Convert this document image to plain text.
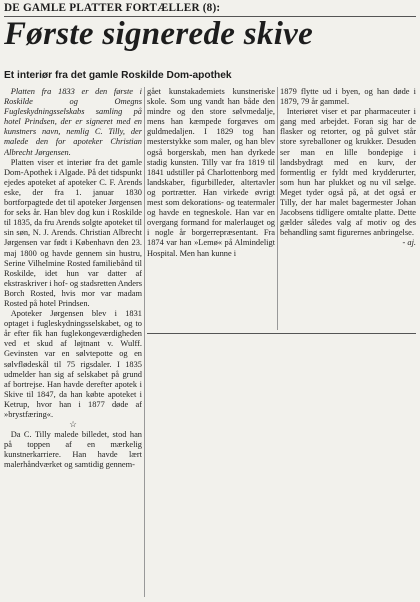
DE GAMLE PLATTER FORTÆLLER (8):
Første signerede skive
Et interiør fra det gamle Roskilde Dom-apothek

Platten fra 1833 er den første i Roskilde og Omegns Fugleskydningsselskabs samling på hotel Prindsen, der er signeret med en kunstners navn, nemlig C. Tilly, der malede den for apoteker Christian Albrecht Jørgensen.

Platten viser et interiør fra det gamle Dom-Apothek i Algade. På det tidspunkt ejedes apoteket af apoteker C. F. Arends eske, der fra 1. januar 1830 bortforpagtede det til apoteker Jørgensen for seks år. Han blev dog kun i Roskilde til 1835, da fru Arends solgte apoteket til sin søn, N. J. Arends. Christian Albrecht Jørgensen var født i København den 23. maj 1800 og havde gennem sin hustru, Serine Vilhelmine Rosted familiebånd til Roskilde, idet hun var datter af ekstraskriver i hof- og stadsretten Anders Borch Rosted, hvis mor var madam Rosted på hotel Prindsen.

Apoteker Jørgensen blev i 1831 optaget i fugleskydningsselskabet, og to år efter fik han fuglekongeværdigheden ved et skud af løjtnant v. Wulff. Gevinsten var en sølvtepotte og en sølvflødeskål til 75 rigsdaler. I 1835 udmelder han sig af selskabet på grund af bortrejse. Han havde derefter apotek i Skive til 1847, da han købte apoteket i Ketrup, hvor han i 1877 døde af »brystfæring«.

☆

Da C. Tilly malede billedet, stod han på toppen af en mærkelig kunstnerkarriere. Han havde lært malerhåndværket og samtidig gennem-

gået kunstakademiets kunstneriske skole. Som ung vandt han både den mindre og den store sølvmedalje, mens han kæmpede forgæves om guldmedaljen. I 1829 tog han mesterstykke som maler, og han blev også borgerskab, men han dyrkede stadig kunsten. Tilly var fra 1819 til 1841 udstiller på Charlottenborg med landskaber, figurbilleder, altertavler og portrætter. Han virkede øvrigt mest som dekorations- og teatermaler og havde en tegneskole. Han var en overgang formand for malerlauget og i nogle år borgerrepræsentant. Fra 1874 var han »Lemø« på Almindeligt Hospital. Men han kunne i

1879 flytte ud i byen, og han døde i 1879, 79 år gammel.

Interiøret viser et par pharmaceuter i gang med arbejdet. Foran sig har de flasker og retorter, og på gulvet står store syreballoner og krukker. Desuden ser man en lille bondepige i landsbydragt med en kurv, der formentlig er fyldt med krydderurter, som hun har plukket og nu vil sælge. Meget tyder også på, at det også er Tilly, der har malet bagermester Johan Jacobsens tidligere omtalte platte. Dette gælder således valg af motiv og des behandling samt figurernes anbringelse.

- aj.
